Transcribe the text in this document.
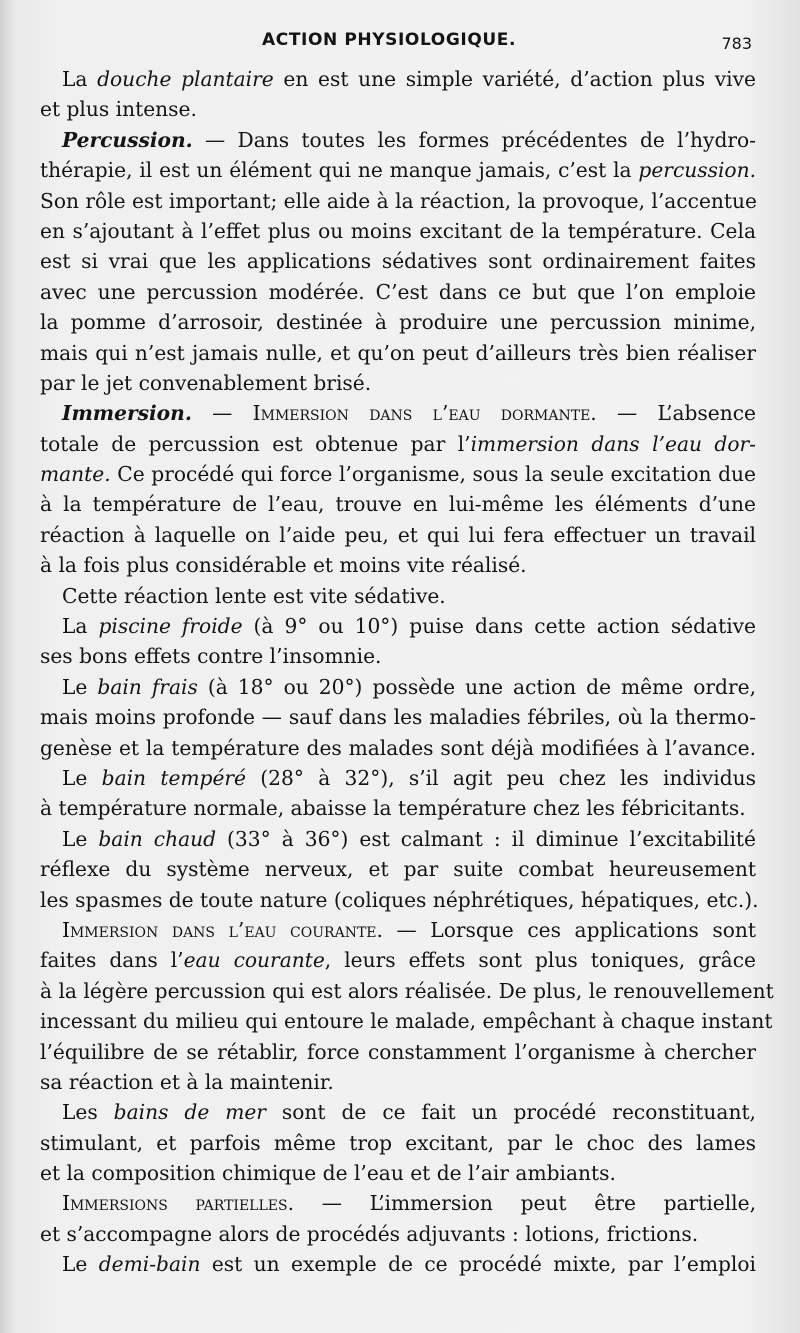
ACTION PHYSIOLOGIQUE.	783
La douche plantaire en est une simple variété, d’action plus vive
et plus intense.
Percussion. — Dans toutes les formes précédentes de l’hydro-
thérapie, il est un élément qui ne manque jamais, c’est la percussion.
Son rôle est important; elle aide à la réaction, la provoque, l’accentue
en s’ajoutant à l’effet plus ou moins excitant de la température. Cela
est si vrai que les applications sédatives sont ordinairement faites
avec une percussion modérée. C’est dans ce but que l’on emploie
la pomme d’arrosoir, destinée à produire une percussion minime,
mais qui n’est jamais nulle, et qu’on peut d’ailleurs très bien réaliser
par le jet convenablement brisé.
Immersion. — Immersion dans l’eau dormante. — L’absence
totale de percussion est obtenue par l’immersion dans l’eau dor-
mante. Ce procédé qui force l’organisme, sous la seule excitation due
à la température de l’eau, trouve en lui-même les éléments d’une
réaction à laquelle on l’aide peu, et qui lui fera effectuer un travail
à la fois plus considérable et moins vite réalisé.
Cette réaction lente est vite sédative.
La piscine froide (à 9° ou 10°) puise dans cette action sédative
ses bons effets contre l’insomnie.
Le bain frais (à 18° ou 20°) possède une action de même ordre,
mais moins profonde — sauf dans les maladies fébriles, où la thermo-
genèse et la température des malades sont déjà modifiées à l’avance.
Le bain tempéré (28° à 32°), s’il agit peu chez les individus
à température normale, abaisse la température chez les fébricitants.
Le bain chaud (33° à 36°) est calmant : il diminue l’excitabilité
réflexe du système nerveux, et par suite combat heureusement
les spasmes de toute nature (coliques néphrétiques, hépatiques, etc.).
Immersion dans l’eau courante. — Lorsque ces applications sont
faites dans l’eau courante, leurs effets sont plus toniques, grâce
à la légère percussion qui est alors réalisée. De plus, le renouvellement
incessant du milieu qui entoure le malade, empêchant à chaque instant
l’équilibre de se rétablir, force constamment l’organisme à chercher
sa réaction et à la maintenir.
Les bains de mer sont de ce fait un procédé reconstituant,
stimulant, et parfois même trop excitant, par le choc des lames
et la composition chimique de l’eau et de l’air ambiants.
Immersions partielles. — L’immersion peut être partielle,
et s’accompagne alors de procédés adjuvants : lotions, frictions.
Le demi-bain est un exemple de ce procédé mixte, par l’emploi
